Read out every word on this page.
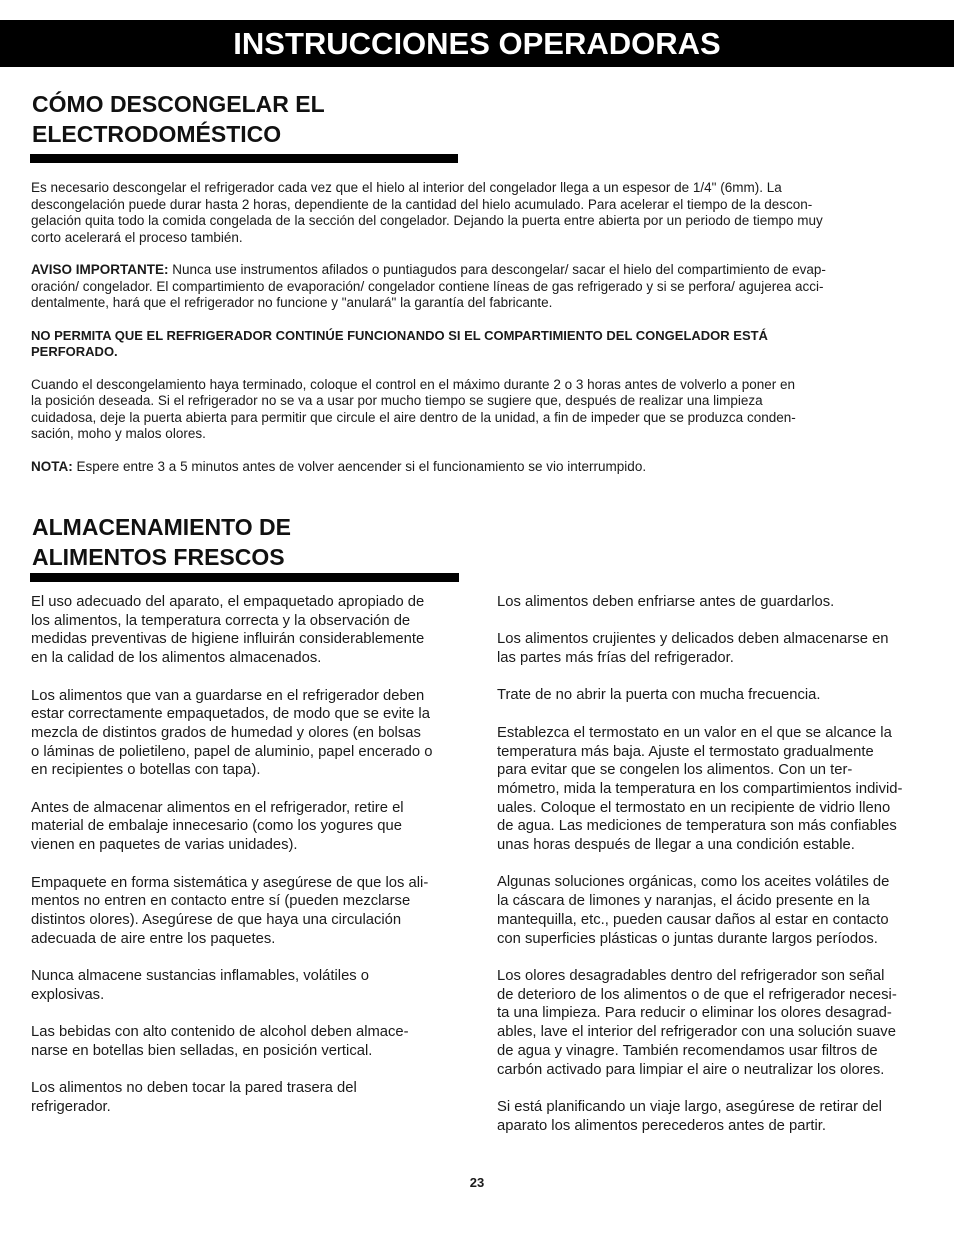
INSTRUCCIONES OPERADORAS
CÓMO DESCONGELAR EL
ELECTRODOMÉSTICO

Es necesario descongelar el refrigerador cada vez que el hielo al interior del congelador llega a un espesor de 1/4" (6mm). La
descongelación puede durar hasta 2 horas, dependiente de la cantidad del hielo acumulado. Para acelerar el tiempo de la descon-
gelación quita todo la comida congelada de la sección del congelador. Dejando la puerta entre abierta por un periodo de tiempo muy
corto acelerará el proceso también.

AVISO IMPORTANTE: Nunca use instrumentos afilados o puntiagudos para descongelar/ sacar el hielo del compartimiento de evap-
oración/ congelador. El compartimiento de evaporación/ congelador contiene líneas de gas refrigerado y si se perfora/ agujerea acci-
dentalmente, hará que el refrigerador no funcione y "anulará" la garantía del fabricante.

NO PERMITA QUE EL REFRIGERADOR CONTINÚE FUNCIONANDO SI EL COMPARTIMIENTO DEL CONGELADOR ESTÁ
PERFORADO.

Cuando el descongelamiento haya terminado, coloque el control en el máximo durante 2 o 3 horas antes de volverlo a poner en
la posición deseada. Si el refrigerador no se va a usar por mucho tiempo se sugiere que, después de realizar una limpieza
cuidadosa, deje la puerta abierta para permitir que circule el aire dentro de la unidad, a fin de impeder que se produzca conden-
sación, moho y malos olores.

NOTA: Espere entre 3 a 5 minutos antes de volver aencender si el funcionamiento se vio interrumpido.

ALMACENAMIENTO DE
ALIMENTOS FRESCOS

El uso adecuado del aparato, el empaquetado apropiado de
los alimentos, la temperatura correcta y la observación de
medidas preventivas de higiene influirán considerablemente
en la calidad de los alimentos almacenados.

Los alimentos que van a guardarse en el refrigerador deben
estar correctamente empaquetados, de modo que se evite la
mezcla de distintos grados de humedad y olores (en bolsas
o láminas de polietileno, papel de aluminio, papel encerado o
en recipientes o botellas con tapa).

Antes de almacenar alimentos en el refrigerador, retire el
material de embalaje innecesario (como los yogures que
vienen en paquetes de varias unidades).

Empaquete en forma sistemática y asegúrese de que los ali-
mentos no entren en contacto entre sí (pueden mezclarse
distintos olores). Asegúrese de que haya una circulación
adecuada de aire entre los paquetes.

Nunca almacene sustancias inflamables, volátiles o
explosivas.

Las bebidas con alto contenido de alcohol deben almace-
narse en botellas bien selladas, en posición vertical.

Los alimentos no deben tocar la pared trasera del
refrigerador.

Los alimentos deben enfriarse antes de guardarlos.

Los alimentos crujientes y delicados deben almacenarse en
las partes más frías del refrigerador.

Trate de no abrir la puerta con mucha frecuencia.

Establezca el termostato en un valor en el que se alcance la
temperatura más baja. Ajuste el termostato gradualmente
para evitar que se congelen los alimentos. Con un ter-
mómetro, mida la temperatura en los compartimientos individ-
uales. Coloque el termostato en un recipiente de vidrio lleno
de agua. Las mediciones de temperatura son más confiables
unas horas después de llegar a una condición estable.

Algunas soluciones orgánicas, como los aceites volátiles de
la cáscara de limones y naranjas, el ácido presente en la
mantequilla, etc., pueden causar daños al estar en contacto
con superficies plásticas o juntas durante largos períodos.

Los olores desagradables dentro del refrigerador son señal
de deterioro de los alimentos o de que el refrigerador necesi-
ta una limpieza. Para reducir o eliminar los olores desagrad-
ables, lave el interior del refrigerador con una solución suave
de agua y vinagre. También recomendamos usar filtros de
carbón activado para limpiar el aire o neutralizar los olores.

Si está planificando un viaje largo, asegúrese de retirar del
aparato los alimentos perecederos antes de partir.

23
